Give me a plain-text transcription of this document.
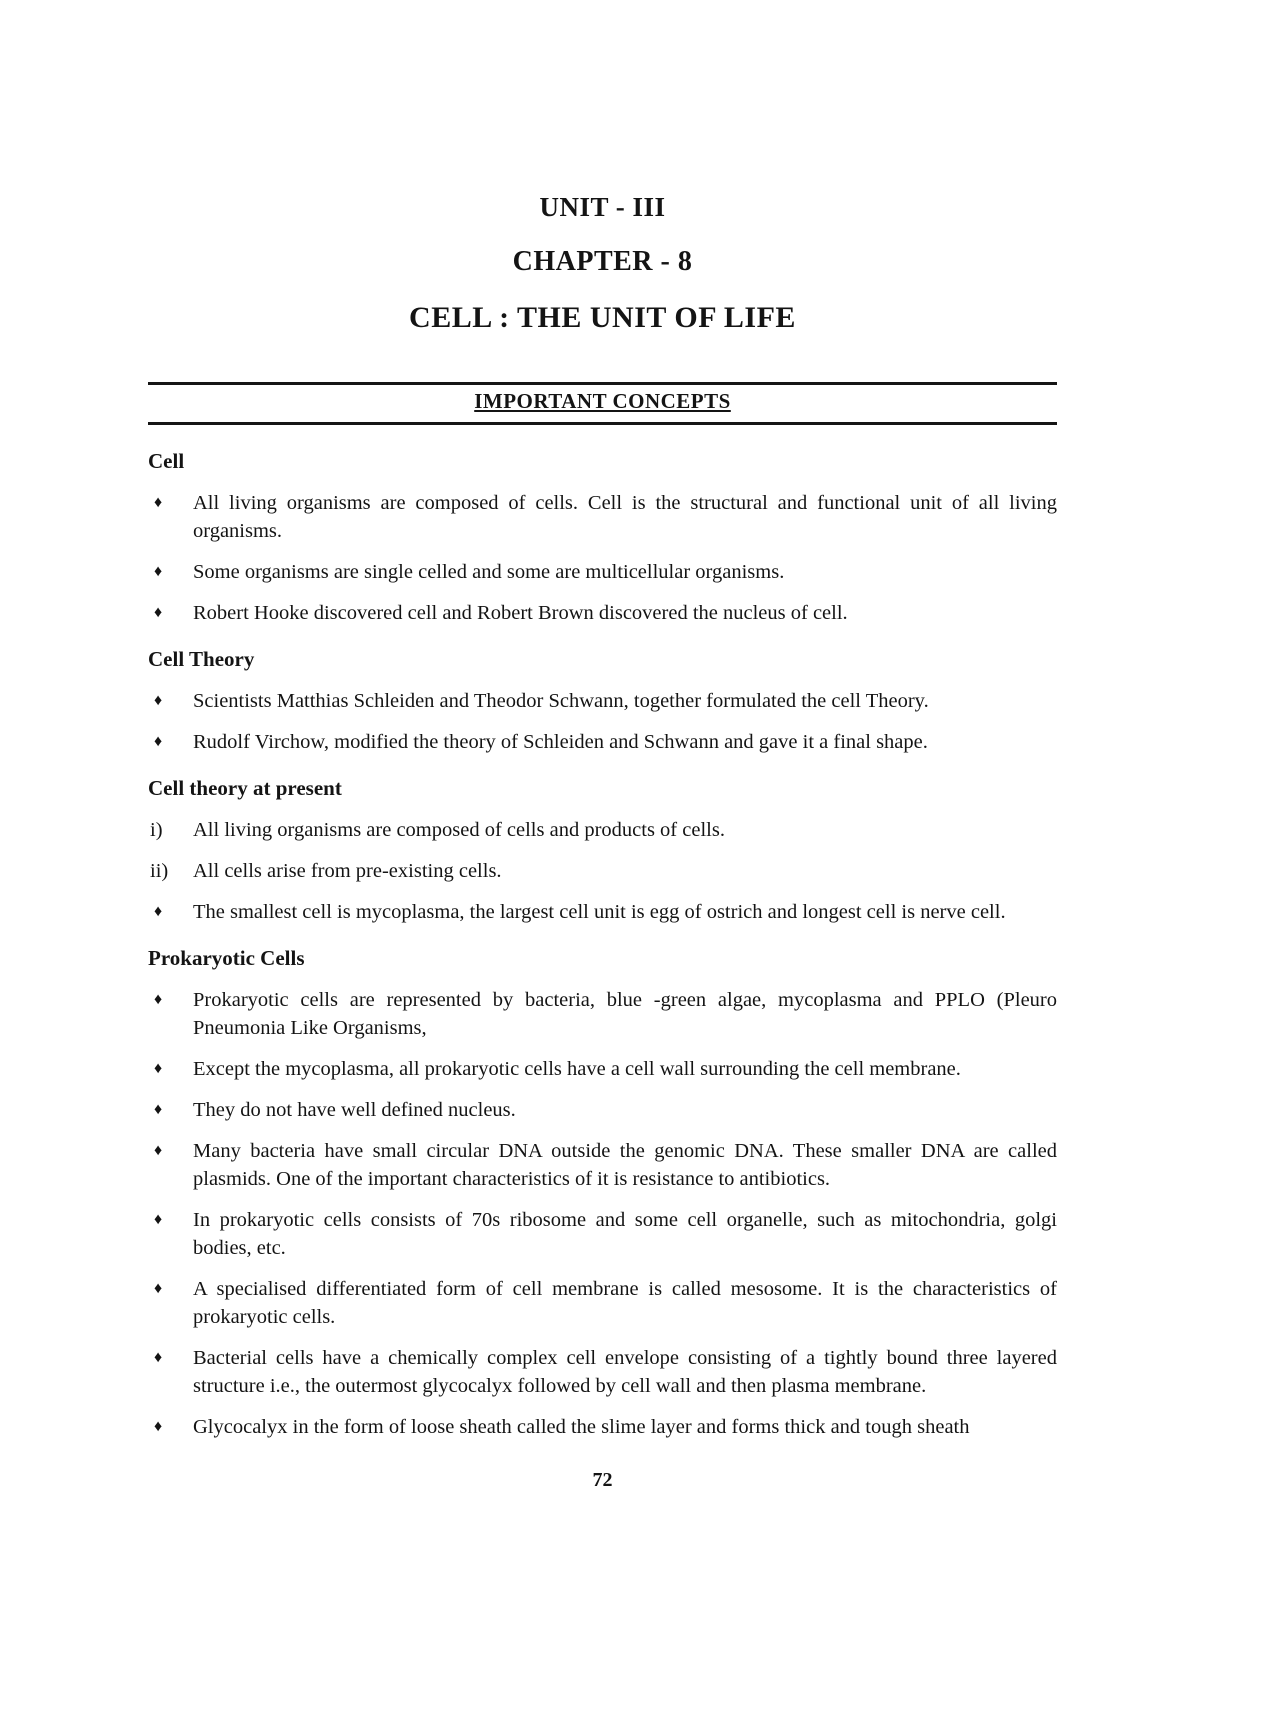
UNIT - III
CHAPTER - 8
CELL : THE UNIT OF LIFE
IMPORTANT CONCEPTS
Cell
♦	All living organisms are composed of cells. Cell is the structural and functional unit of all living organisms.

♦	Some organisms are single celled and some are multicellular organisms.

♦	Robert Hooke discovered cell and Robert Brown discovered the nucleus of cell.

Cell Theory
♦	Scientists Matthias Schleiden and Theodor Schwann, together formulated the cell Theory.

♦	Rudolf Virchow, modified the theory of Schleiden and Schwann and gave it a final shape.

Cell theory at present
i)	All living organisms are composed of cells and products of cells.

ii)	All cells arise from pre-existing cells.

♦	The smallest cell is mycoplasma, the largest cell unit is egg of ostrich and longest cell is nerve cell.

Prokaryotic Cells
♦	Prokaryotic cells are represented by bacteria, blue -green algae, mycoplasma and PPLO (Pleuro Pneumonia Like Organisms,

♦	Except the mycoplasma, all prokaryotic cells have a cell wall surrounding the cell membrane.

♦	They do not have well defined nucleus.

♦	Many bacteria have small circular DNA outside the genomic DNA. These smaller DNA are called plasmids. One of the important characteristics of it is resistance to antibiotics.

♦	In prokaryotic cells consists of 70s ribosome and some cell organelle, such as mitochondria, golgi bodies, etc.

♦	A specialised differentiated form of cell membrane is called mesosome. It is the characteristics of prokaryotic cells.

♦	Bacterial cells have a chemically complex cell envelope consisting of a tightly bound three layered structure i.e., the outermost glycocalyx followed by cell wall and then plasma membrane.

♦	Glycocalyx in the form of loose sheath called the slime layer and forms thick and tough sheath

72
